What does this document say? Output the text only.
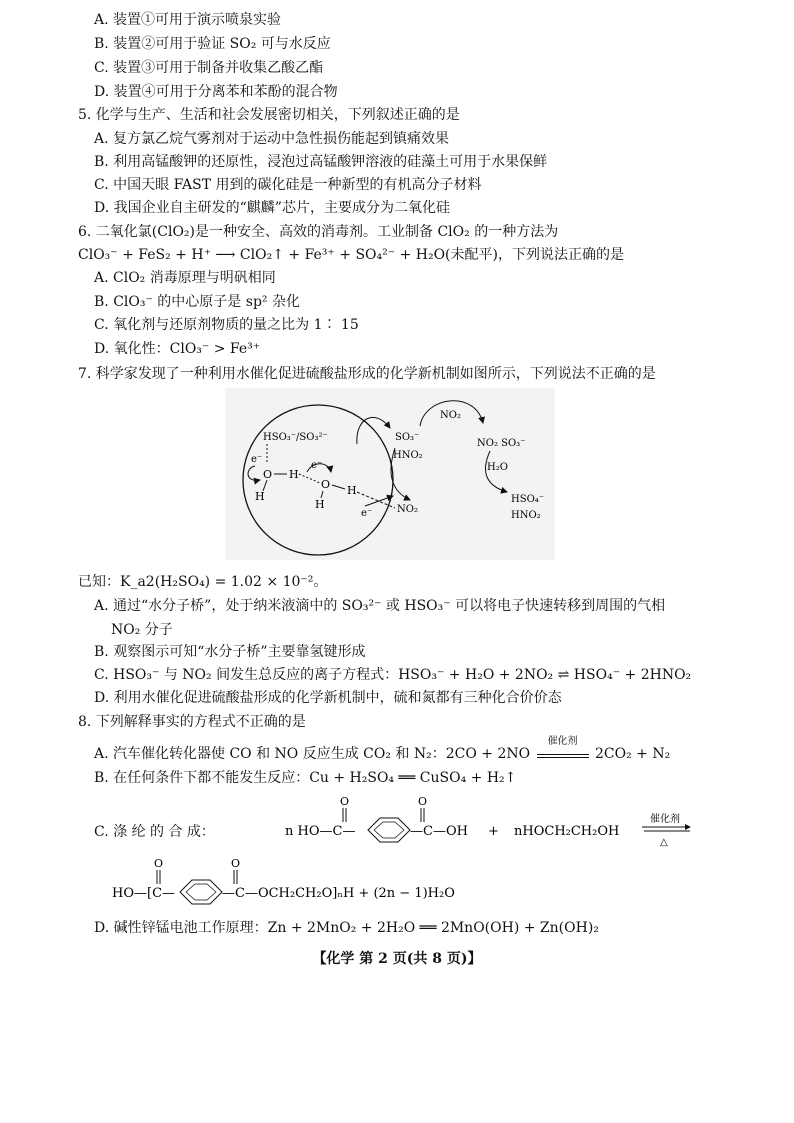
A. 装置①可用于演示喷泉实验
B. 装置②可用于验证 SO₂ 可与水反应
C. 装置③可用于制备并收集乙酸乙酯
D. 装置④可用于分离苯和苯酚的混合物
5. 化学与生产、生活和社会发展密切相关，下列叙述正确的是
A. 复方氯乙烷气雾剂对于运动中急性损伤能起到镇痛效果
B. 利用高锰酸钾的还原性，浸泡过高锰酸钾溶液的硅藻土可用于水果保鲜
C. 中国天眼 FAST 用到的碳化硅是一种新型的有机高分子材料
D. 我国企业自主研发的“麒麟”芯片，主要成分为二氧化硅
6. 二氧化氯(ClO₂)是一种安全、高效的消毒剂。工业制备 ClO₂ 的一种方法为
ClO₃⁻ + FeS₂ + H⁺ ⟶ ClO₂↑ + Fe³⁺ + SO₄²⁻ + H₂O(未配平)，下列说法正确的是
A. ClO₂ 消毒原理与明矾相同
B. ClO₃⁻ 的中心原子是 sp² 杂化
C. 氧化剂与还原剂物质的量之比为 1∶ 15
D. 氧化性：ClO₃⁻ > Fe³⁺
7. 科学家发现了一种利用水催化促进硫酸盐形成的化学新机制如图所示，下列说法不正确的是
HSO₃⁻/SO₃²⁻
e⁻
O H
H
e⁻
O H
H
e⁻ NO₂
SO₃⁻
HNO₂
NO₂
NO₂ SO₃⁻
H₂O
HSO₄⁻
HNO₂
已知：K_a2(H₂SO₄) = 1.02 × 10⁻²。
A. 通过“水分子桥”，处于纳米液滴中的 SO₃²⁻ 或 HSO₃⁻ 可以将电子快速转移到周围的气相
NO₂ 分子
B. 观察图示可知“水分子桥”主要靠氢键形成
C. HSO₃⁻ 与 NO₂ 间发生总反应的离子方程式：HSO₃⁻ + H₂O + 2NO₂ ⇌ HSO₄⁻ + 2HNO₂
D. 利用水催化促进硫酸盐形成的化学新机制中，硫和氮都有三种化合价价态
8. 下列解释事实的方程式不正确的是
A. 汽车催化转化器使 CO 和 NO 反应生成 CO₂ 和 N₂：2CO + 2NO
催化剂
2CO₂ + N₂
B. 在任何条件下都不能发生反应：Cu + H₂SO₄ ══ CuSO₄ + H₂↑
C. 涤 纶 的 合 成：	n HO—C—
O
—C—OH
O
+ nHOCH₂CH₂OH
催化剂
△
HO—[C—
O
—C—OCH₂CH₂O]ₙH + (2n − 1)H₂O
O
D. 碱性锌锰电池工作原理：Zn + 2MnO₂ + 2H₂O ══ 2MnO(OH) + Zn(OH)₂
【化学 第 2 页(共 8 页)】
